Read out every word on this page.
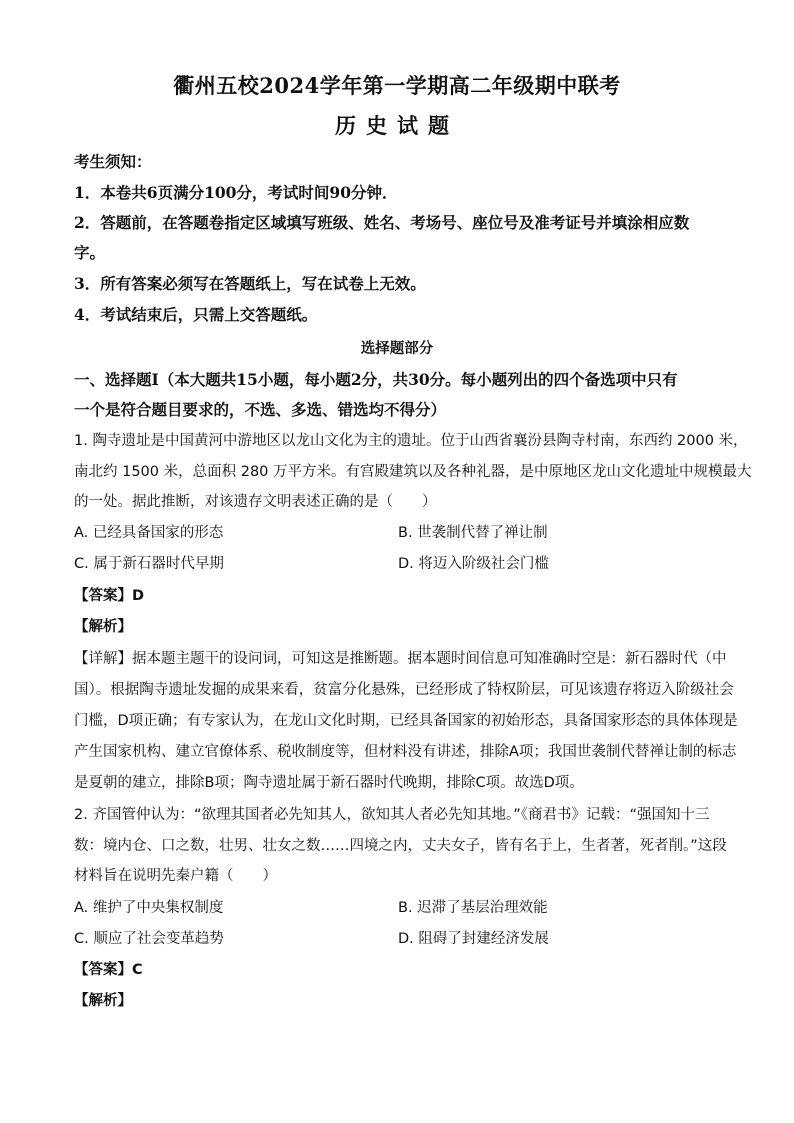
衢州五校2024学年第一学期高二年级期中联考
历史试题
考生须知：
1．本卷共6页满分100分，考试时间90分钟．
2．答题前，在答题卷指定区域填写班级、姓名、考场号、座位号及准考证号并填涂相应数
字。
3．所有答案必须写在答题纸上，写在试卷上无效。
4．考试结束后，只需上交答题纸。
选择题部分
一、选择题Ⅰ（本大题共15小题，每小题2分，共30分。每小题列出的四个备选项中只有
一个是符合题目要求的，不选、多选、错选均不得分）
1. 陶寺遗址是中国黄河中游地区以龙山文化为主的遗址。位于山西省襄汾县陶寺村南，东西约 2000 米，
南北约 1500 米，总面积 280 万平方米。有宫殿建筑以及各种礼器，是中原地区龙山文化遗址中规模最大
的一处。据此推断，对该遗存文明表述正确的是（　　）
A. 已经具备国家的形态	B. 世袭制代替了禅让制
C. 属于新石器时代早期	D. 将迈入阶级社会门槛
【答案】D
【解析】
【详解】据本题主题干的设问词，可知这是推断题。据本题时间信息可知准确时空是：新石器时代（中
国）。根据陶寺遗址发掘的成果来看，贫富分化悬殊，已经形成了特权阶层，可见该遗存将迈入阶级社会
门槛，D项正确；有专家认为，在龙山文化时期，已经具备国家的初始形态，具备国家形态的具体体现是
产生国家机构、建立官僚体系、税收制度等，但材料没有讲述，排除A项；我国世袭制代替禅让制的标志
是夏朝的建立，排除B项；陶寺遗址属于新石器时代晚期，排除C项。故选D项。
2. 齐国管仲认为：“欲理其国者必先知其人，欲知其人者必先知其地。”《商君书》记载：“强国知十三
数：境内仓、口之数，壮男、壮女之数……四境之内，丈夫女子，皆有名于上，生者著，死者削。”这段
材料旨在说明先秦户籍（　　）
A. 维护了中央集权制度	B. 迟滞了基层治理效能
C. 顺应了社会变革趋势	D. 阻碍了封建经济发展
【答案】C
【解析】
